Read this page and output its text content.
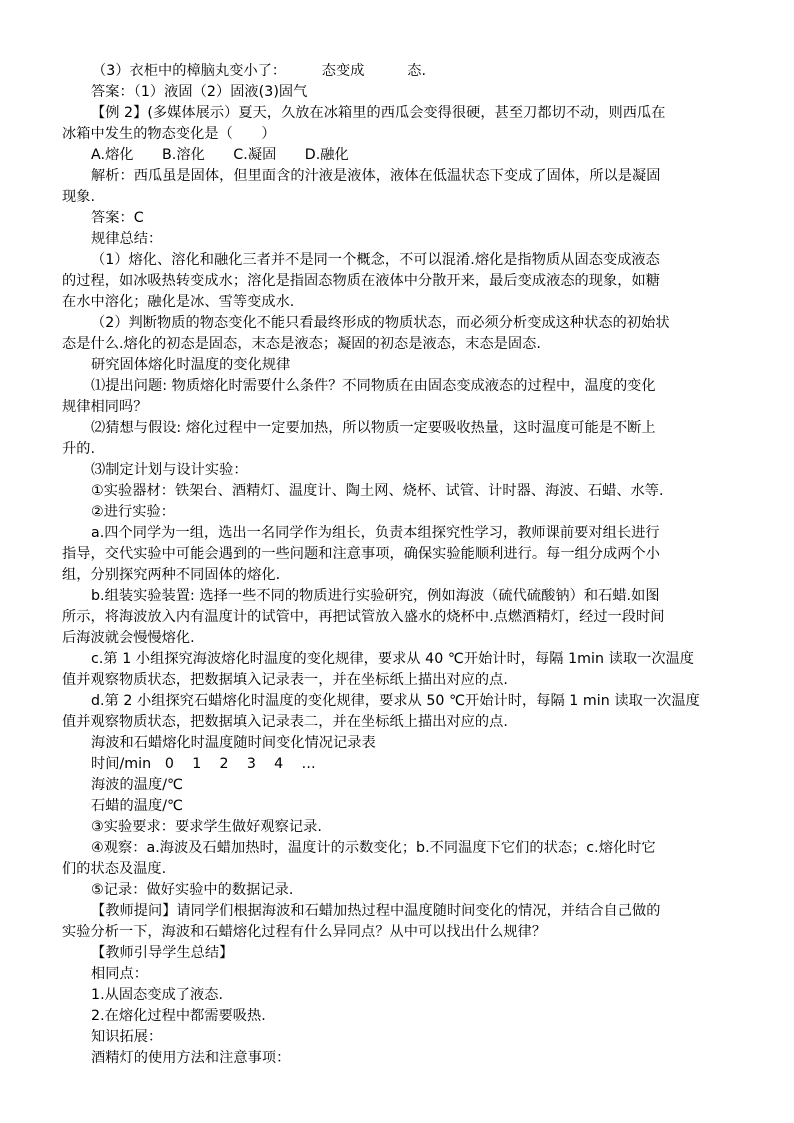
（3）衣柜中的樟脑丸变小了：　　　态变成　　　态.
答案：（1）液固（2）固液(3)固气
【例 2】(多媒体展示）夏天，久放在冰箱里的西瓜会变得很硬，甚至刀都切不动，则西瓜在
冰箱中发生的物态变化是（　　）
A.熔化　　B.溶化　　C.凝固　　D.融化
解析：西瓜虽是固体，但里面含的汁液是液体，液体在低温状态下变成了固体，所以是凝固
现象.
答案：C
规律总结：
（1）熔化、溶化和融化三者并不是同一个概念，不可以混淆.熔化是指物质从固态变成液态
的过程，如冰吸热转变成水；溶化是指固态物质在液体中分散开来，最后变成液态的现象，如糖
在水中溶化；融化是冰、雪等变成水.
（2）判断物质的物态变化不能只看最终形成的物质状态，而必须分析变成这种状态的初始状
态是什么.熔化的初态是固态，末态是液态；凝固的初态是液态，末态是固态.
研究固体熔化时温度的变化规律
⑴提出问题: 物质熔化时需要什么条件？不同物质在由固态变成液态的过程中，温度的变化
规律相同吗？
⑵猜想与假设: 熔化过程中一定要加热，所以物质一定要吸收热量，这时温度可能是不断上
升的.
⑶制定计划与设计实验：
①实验器材：铁架台、酒精灯、温度计、陶土网、烧杯、试管、计时器、海波、石蜡、水等.
②进行实验：
a.四个同学为一组，选出一名同学作为组长，负责本组探究性学习，教师课前要对组长进行
指导，交代实验中可能会遇到的一些问题和注意事项，确保实验能顺利进行。每一组分成两个小
组，分别探究两种不同固体的熔化.
b.组装实验装置: 选择一些不同的物质进行实验研究，例如海波（硫代硫酸钠）和石蜡.如图
所示，将海波放入内有温度计的试管中，再把试管放入盛水的烧杯中.点燃酒精灯，经过一段时间
后海波就会慢慢熔化.
c.第 1 小组探究海波熔化时温度的变化规律，要求从 40 ℃开始计时，每隔 1min 读取一次温度
值并观察物质状态，把数据填入记录表一，并在坐标纸上描出对应的点.
d.第 2 小组探究石蜡熔化时温度的变化规律，要求从 50 ℃开始计时，每隔 1 min 读取一次温度
值并观察物质状态，把数据填入记录表二，并在坐标纸上描出对应的点.
海波和石蜡熔化时温度随时间变化情况记录表
时间/min   0    1    2    3    4    …
海波的温度/℃
石蜡的温度/℃
③实验要求：要求学生做好观察记录.
④观察：a.海波及石蜡加热时，温度计的示数变化；b.不同温度下它们的状态；c.熔化时它
们的状态及温度.
⑤记录：做好实验中的数据记录.
【教师提问】请同学们根据海波和石蜡加热过程中温度随时间变化的情况，并结合自己做的
实验分析一下，海波和石蜡熔化过程有什么异同点？从中可以找出什么规律？
【教师引导学生总结】
相同点：
1.从固态变成了液态.
2.在熔化过程中都需要吸热.
知识拓展：
酒精灯的使用方法和注意事项：
